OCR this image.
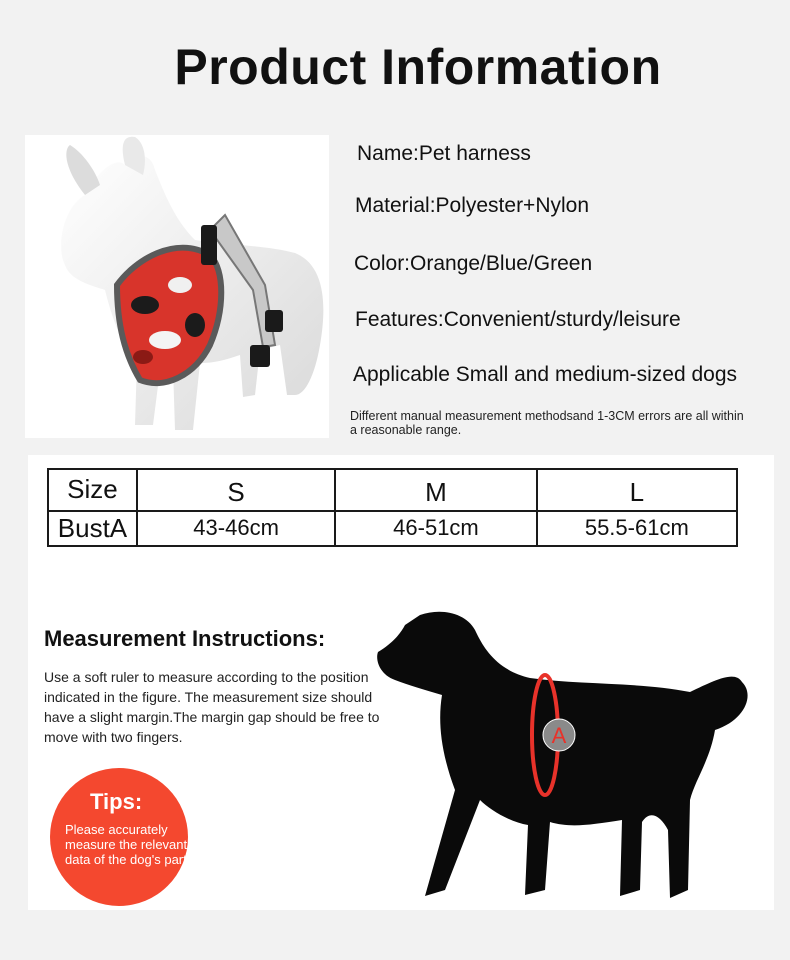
Product Information
Name:Pet harness
Material:Polyester+Nylon
Color:Orange/Blue/Green
Features:Convenient/sturdy/leisure
Applicable Small and medium-sized dogs
Different manual measurement methodsand 1-3CM errors are all within a reasonable range.
Size	S	M	L
BustA	43-46cm	46-51cm	55.5-61cm
Measurement Instructions:
Use a soft ruler to measure according to the position indicated in the figure. The measurement size should have a slight margin.The margin gap should be free to move with two fingers.
Tips:
Please accurately measure the relevant data of the dog's part
A
